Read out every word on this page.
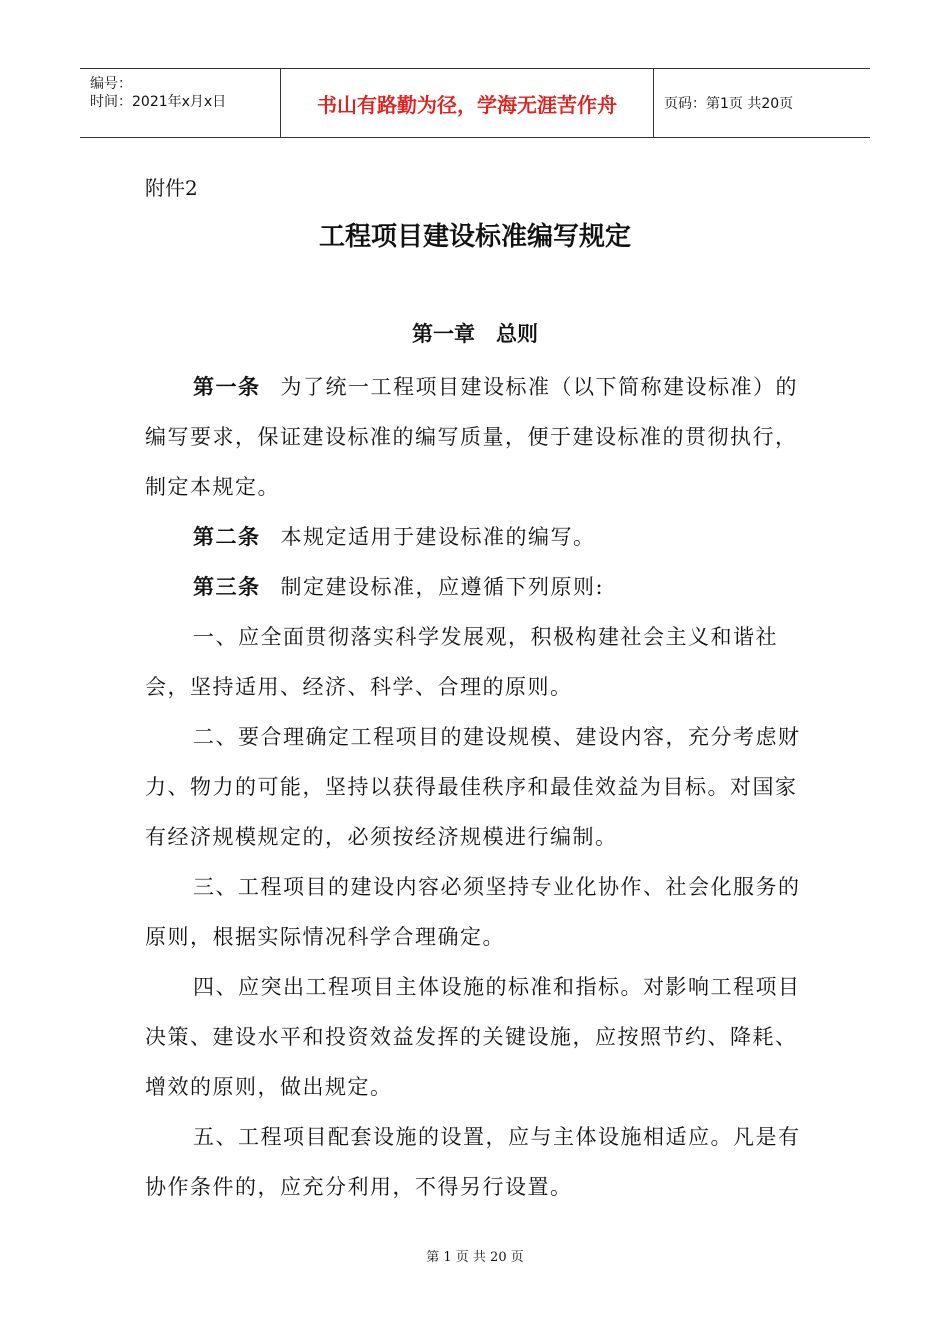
编号：
时间：2021年x月x日	书山有路勤为径，学海无涯苦作舟	页码：第1页 共20页
附件2
工程项目建设标准编写规定
第一章　总则

第一条 为了统一工程项目建设标准（以下简称建设标准）的编写要求，保证建设标准的编写质量，便于建设标准的贯彻执行，制定本规定。

第二条 本规定适用于建设标准的编写。

第三条 制定建设标准，应遵循下列原则:

一、应全面贯彻落实科学发展观，积极构建社会主义和谐社会，坚持适用、经济、科学、合理的原则。

二、要合理确定工程项目的建设规模、建设内容，充分考虑财力、物力的可能，坚持以获得最佳秩序和最佳效益为目标。对国家有经济规模规定的，必须按经济规模进行编制。

三、工程项目的建设内容必须坚持专业化协作、社会化服务的原则，根据实际情况科学合理确定。

四、应突出工程项目主体设施的标准和指标。对影响工程项目决策、建设水平和投资效益发挥的关键设施，应按照节约、降耗、增效的原则，做出规定。

五、工程项目配套设施的设置，应与主体设施相适应。凡是有协作条件的，应充分利用，不得另行设置。

第 1 页 共 20 页
